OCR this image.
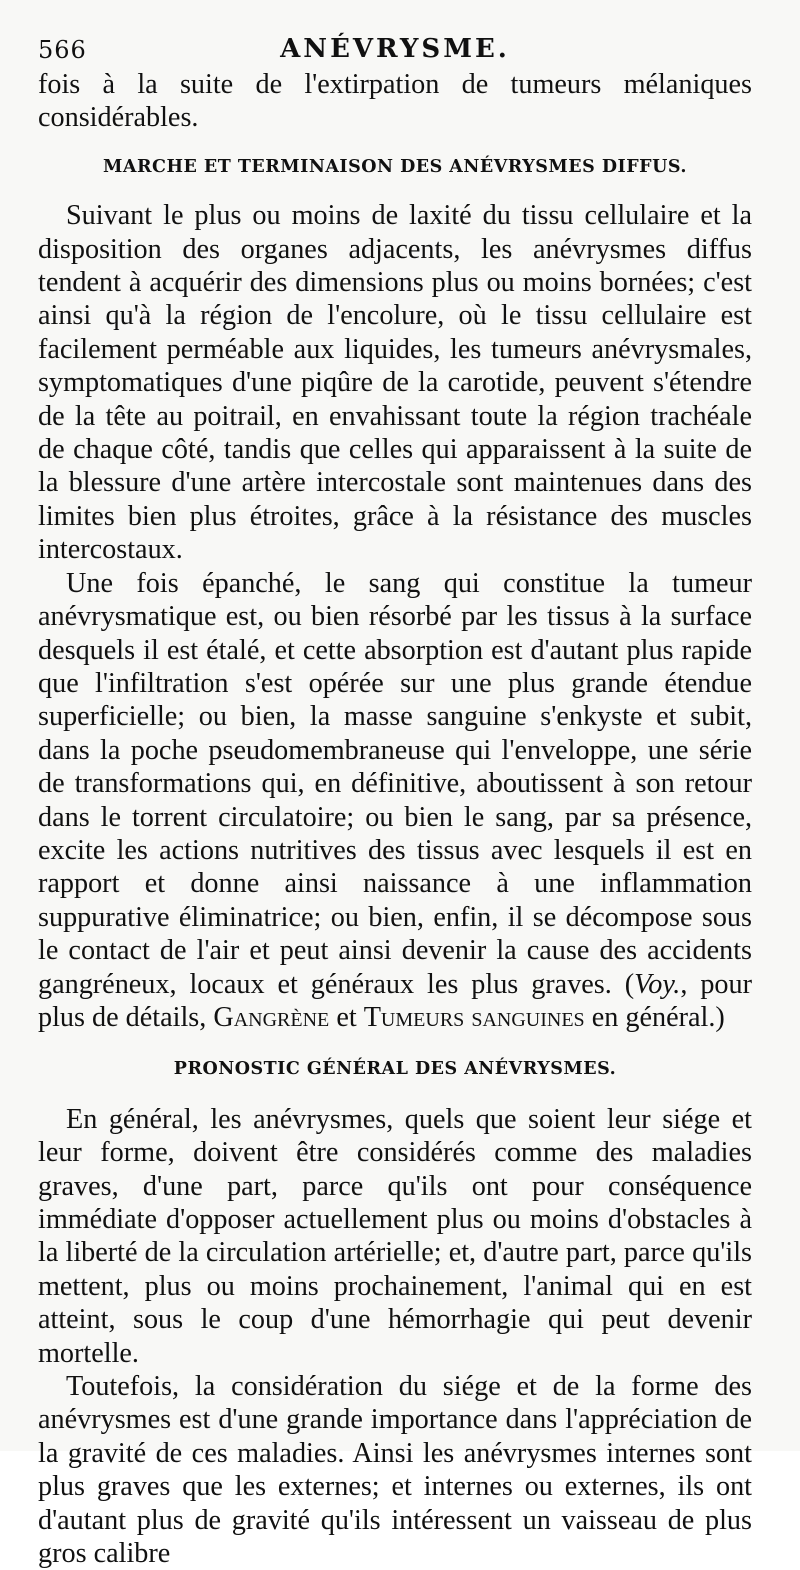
566	ANÉVRYSME.

fois à la suite de l'extirpation de tumeurs mélaniques considérables.

MARCHE ET TERMINAISON DES ANÉVRYSMES DIFFUS.

Suivant le plus ou moins de laxité du tissu cellulaire et la disposition des organes adjacents, les anévrysmes diffus tendent à acquérir des dimensions plus ou moins bornées; c'est ainsi qu'à la région de l'encolure, où le tissu cellulaire est facilement perméable aux liquides, les tumeurs anévrysmales, symptomatiques d'une piqûre de la carotide, peuvent s'étendre de la tête au poitrail, en envahissant toute la région trachéale de chaque côté, tandis que celles qui apparaissent à la suite de la blessure d'une artère intercostale sont maintenues dans des limites bien plus étroites, grâce à la résistance des muscles intercostaux.

Une fois épanché, le sang qui constitue la tumeur anévrysmatique est, ou bien résorbé par les tissus à la surface desquels il est étalé, et cette absorption est d'autant plus rapide que l'infiltration s'est opérée sur une plus grande étendue superficielle; ou bien, la masse sanguine s'enkyste et subit, dans la poche pseudomembraneuse qui l'enveloppe, une série de transformations qui, en définitive, aboutissent à son retour dans le torrent circulatoire; ou bien le sang, par sa présence, excite les actions nutritives des tissus avec lesquels il est en rapport et donne ainsi naissance à une inflammation suppurative éliminatrice; ou bien, enfin, il se décompose sous le contact de l'air et peut ainsi devenir la cause des accidents gangréneux, locaux et généraux les plus graves. (Voy., pour plus de détails, Gangrène et Tumeurs sanguines en général.)

PRONOSTIC GÉNÉRAL DES ANÉVRYSMES.

En général, les anévrysmes, quels que soient leur siége et leur forme, doivent être considérés comme des maladies graves, d'une part, parce qu'ils ont pour conséquence immédiate d'opposer actuellement plus ou moins d'obstacles à la liberté de la circulation artérielle; et, d'autre part, parce qu'ils mettent, plus ou moins prochainement, l'animal qui en est atteint, sous le coup d'une hémorrhagie qui peut devenir mortelle.

Toutefois, la considération du siége et de la forme des anévrysmes est d'une grande importance dans l'appréciation de la gravité de ces maladies. Ainsi les anévrysmes internes sont plus graves que les externes; et internes ou externes, ils ont d'autant plus de gravité qu'ils intéressent un vaisseau de plus gros calibre
